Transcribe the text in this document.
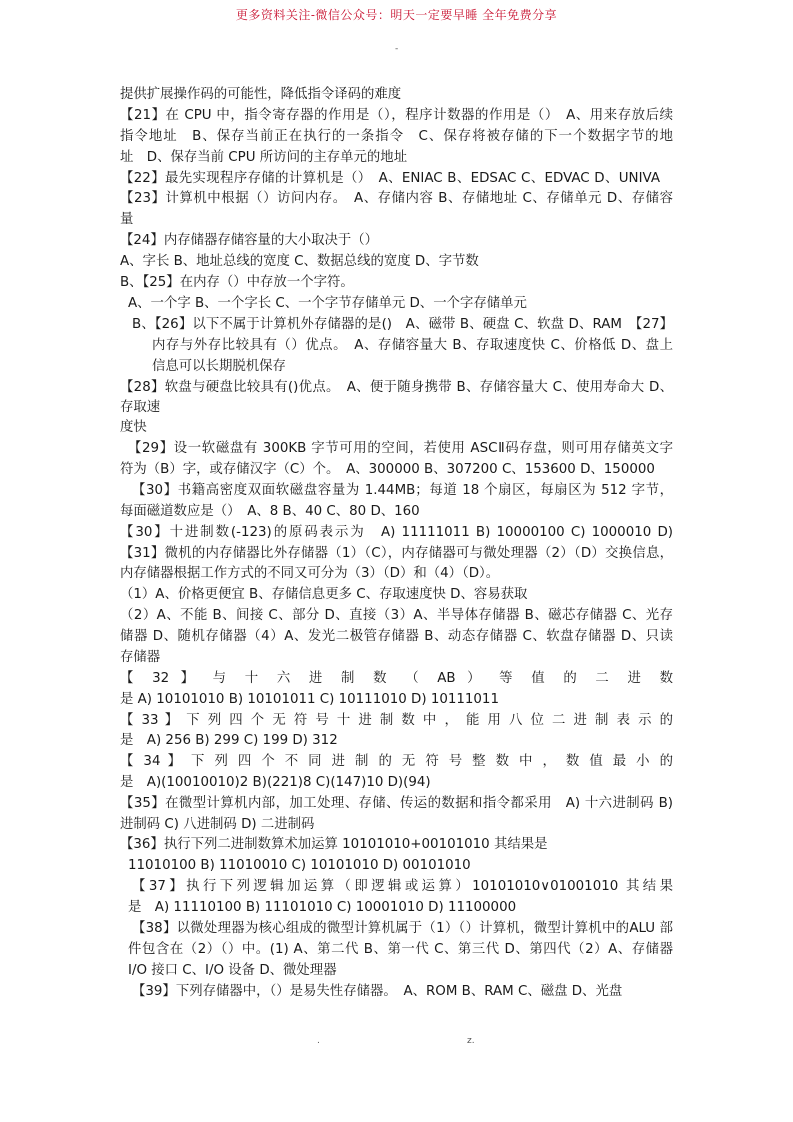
更多资料关注-微信公众号：明天一定要早睡 全年免费分享
-
提供扩展操作码的可能性，降低指令译码的难度
【21】在 CPU 中，指令寄存器的作用是（），程序计数器的作用是（）　A、用来存放后续
指令地址　B、保存当前正在执行的一条指令　C、保存将被存储的下一个数据字节的地
址　D、保存当前 CPU 所访问的主存单元的地址
【22】最先实现程序存储的计算机是（）　A、ENIAC B、EDSAC C、EDVAC D、UNIVA
【23】计算机中根据（）访问内存。　A、存储内容 B、存储地址 C、存储单元 D、存储容
量
【24】内存储器存储容量的大小取决于（）
A、字长 B、地址总线的宽度 C、数据总线的宽度 D、字节数
B、【25】在内存（）中存放一个字符。
A、一个字 B、一个字长 C、一个字节存储单元 D、一个字存储单元
B、【26】以下不属于计算机外存储器的是()　A、磁带 B、硬盘 C、软盘 D、RAM　【27】
内存与外存比较具有（）优点。　A、存储容量大 B、存取速度快 C、价格低 D、盘上
信息可以长期脱机保存
【28】软盘与硬盘比较具有()优点。　A、便于随身携带 B、存储容量大 C、使用寿命大 D、
存取速
度快
【29】设一软磁盘有 300KB 字节可用的空间，若使用 ASCⅡ码存盘，则可用存储英文字
符为（B）字，或存储汉字（C）个。　A、300000 B、307200 C、153600 D、150000
【30】书籍高密度双面软磁盘容量为 1.44MB；每道 18 个扇区，每扇区为 512 字节，
每面磁道数应是（）　A、8 B、40 C、80 D、160
【30】十进制数(-123)的原码表示为　A) 11111011 B) 10000100 C) 1000010 D)
【31】微机的内存储器比外存储器（1）（C），内存储器可与微处理器（2）（D）交换信息，
内存储器根据工作方式的不同又可分为（3）（D）和（4）（D）。
（1）A、价格更便宜 B、存储信息更多 C、存取速度快 D、容易获取
（2）A、不能 B、间接 C、部分 D、直接（3）A、半导体存储器 B、磁芯存储器 C、光存
储器 D、随机存储器（4）A、发光二极管存储器 B、动态存储器 C、软盘存储器 D、只读
存储器
【 32 】 与 十 六 进 制 数 （ AB ） 等 值 的 二 进 数
是 A) 10101010 B) 10101011 C) 10111010 D) 10111011
【 33 】 下 列 四 个 无 符 号 十 进 制 数 中 ， 能 用 八 位 二 进 制 表 示 的
是　A) 256 B) 299 C) 199 D) 312
【 34 】 下 列 四 个 不 同 进 制 的 无 符 号 整 数 中 ， 数 值 最 小 的
是　A)(10010010)2 B)(221)8 C)(147)10 D)(94)
【35】在微型计算机内部，加工处理、存储、传运的数据和指令都采用　A) 十六进制码 B)
进制码 C) 八进制码 D) 二进制码
【36】执行下列二进制数算术加运算 10101010+00101010 其结果是
11010100 B) 11010010 C) 10101010 D) 00101010
【37】执行下列逻辑加运算（即逻辑或运算）10101010∨01001010 其结果
是　A) 11110100 B) 11101010 C) 10001010 D) 11100000
【38】以微处理器为核心组成的微型计算机属于（1）（）计算机，微型计算机中的ALU 部
件包含在（2）（）中。(1) A、第二代 B、第一代 C、第三代 D、第四代（2）A、存储器
I/O 接口 C、I/O 设备 D、微处理器
【39】下列存储器中，（）是易失性存储器。　A、ROM B、RAM C、磁盘 D、光盘
.	z.
